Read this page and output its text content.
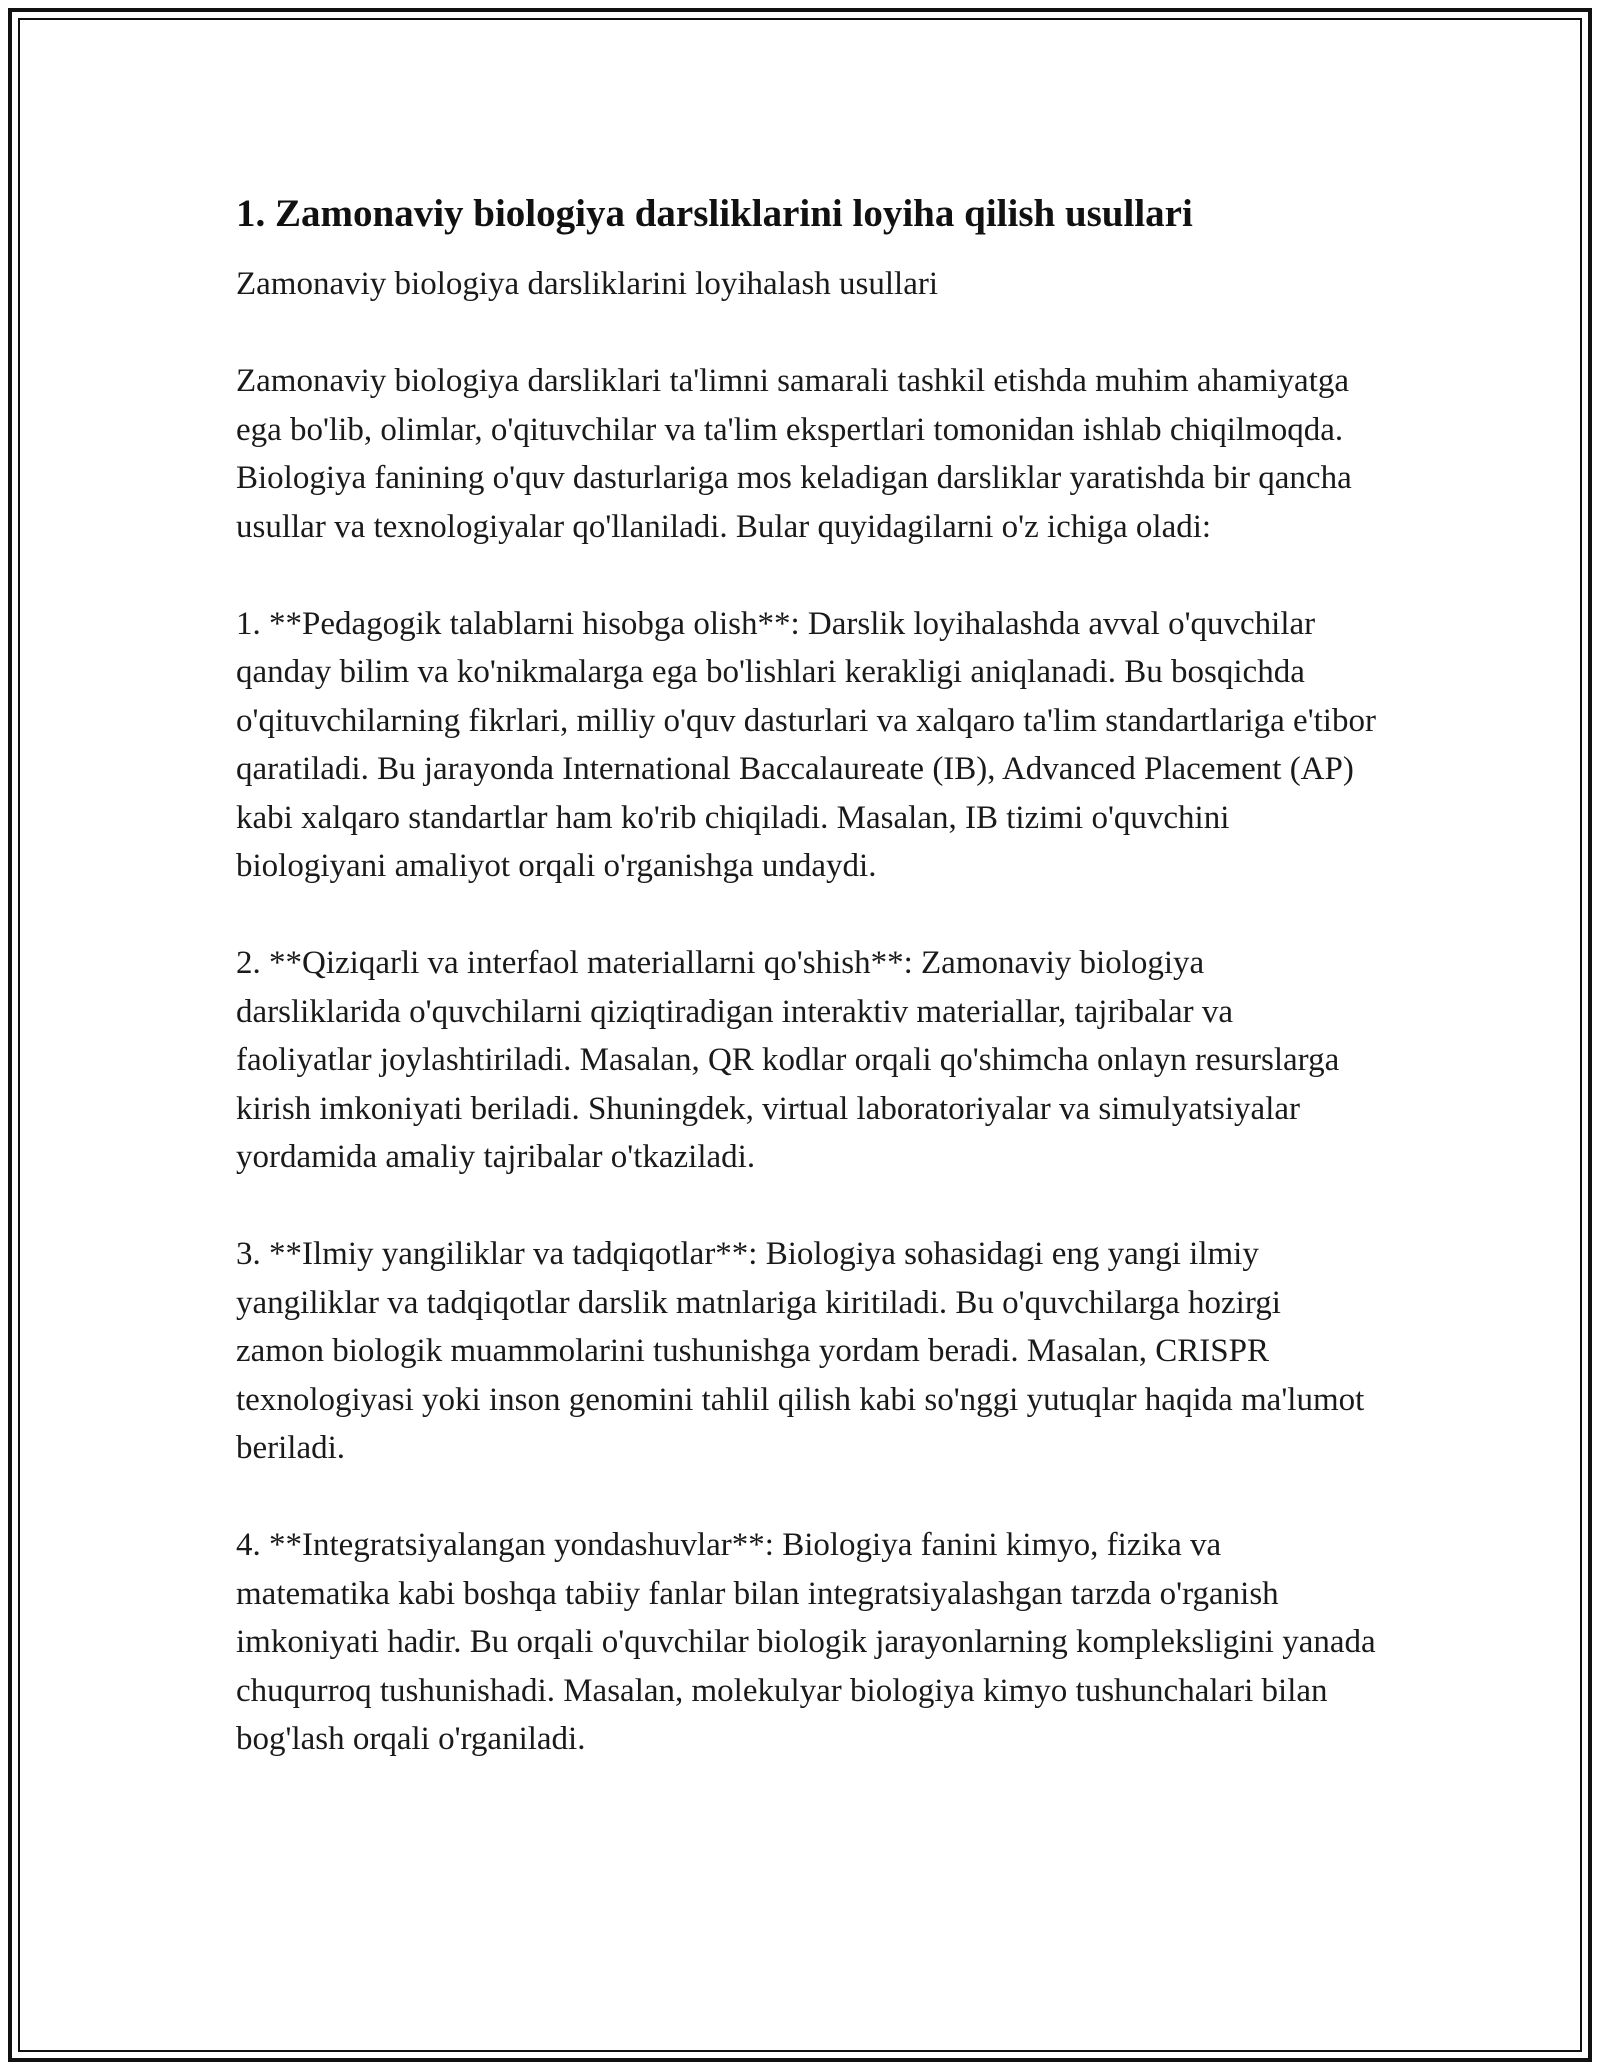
1. Zamonaviy biologiya darsliklarini loyiha qilish usullari

Zamonaviy biologiya darsliklarini loyihalash usullari

Zamonaviy biologiya darsliklari ta'limni samarali tashkil etishda muhim ahamiyatga ega bo'lib, olimlar, o'qituvchilar va ta'lim ekspertlari tomonidan ishlab chiqilmoqda. Biologiya fanining o'quv dasturlariga mos keladigan darsliklar yaratishda bir qancha usullar va texnologiyalar qo'llaniladi. Bular quyidagilarni o'z ichiga oladi:

1. **Pedagogik talablarni hisobga olish**: Darslik loyihalashda avval o'quvchilar qanday bilim va ko'nikmalarga ega bo'lishlari kerakligi aniqlanadi. Bu bosqichda o'qituvchilarning fikrlari, milliy o'quv dasturlari va xalqaro ta'lim standartlariga e'tibor qaratiladi. Bu jarayonda International Baccalaureate (IB), Advanced Placement (AP) kabi xalqaro standartlar ham ko'rib chiqiladi. Masalan, IB tizimi o'quvchini biologiyani amaliyot orqali o'rganishga undaydi.

2. **Qiziqarli va interfaol materiallarni qo'shish**: Zamonaviy biologiya darsliklarida o'quvchilarni qiziqtiradigan interaktiv materiallar, tajribalar va faoliyatlar joylashtiriladi. Masalan, QR kodlar orqali qo'shimcha onlayn resurslarga kirish imkoniyati beriladi. Shuningdek, virtual laboratoriyalar va simulyatsiyalar yordamida amaliy tajribalar o'tkaziladi.

3. **Ilmiy yangiliklar va tadqiqotlar**: Biologiya sohasidagi eng yangi ilmiy yangiliklar va tadqiqotlar darslik matnlariga kiritiladi. Bu o'quvchilarga hozirgi zamon biologik muammolarini tushunishga yordam beradi. Masalan, CRISPR texnologiyasi yoki inson genomini tahlil qilish kabi so'nggi yutuqlar haqida ma'lumot beriladi.

4. **Integratsiyalangan yondashuvlar**: Biologiya fanini kimyo, fizika va matematika kabi boshqa tabiiy fanlar bilan integratsiyalashgan tarzda o'rganish imkoniyati hadir. Bu orqali o'quvchilar biologik jarayonlarning kompleksligini yanada chuqurroq tushunishadi. Masalan, molekulyar biologiya kimyo tushunchalari bilan bog'lash orqali o'rganiladi.
